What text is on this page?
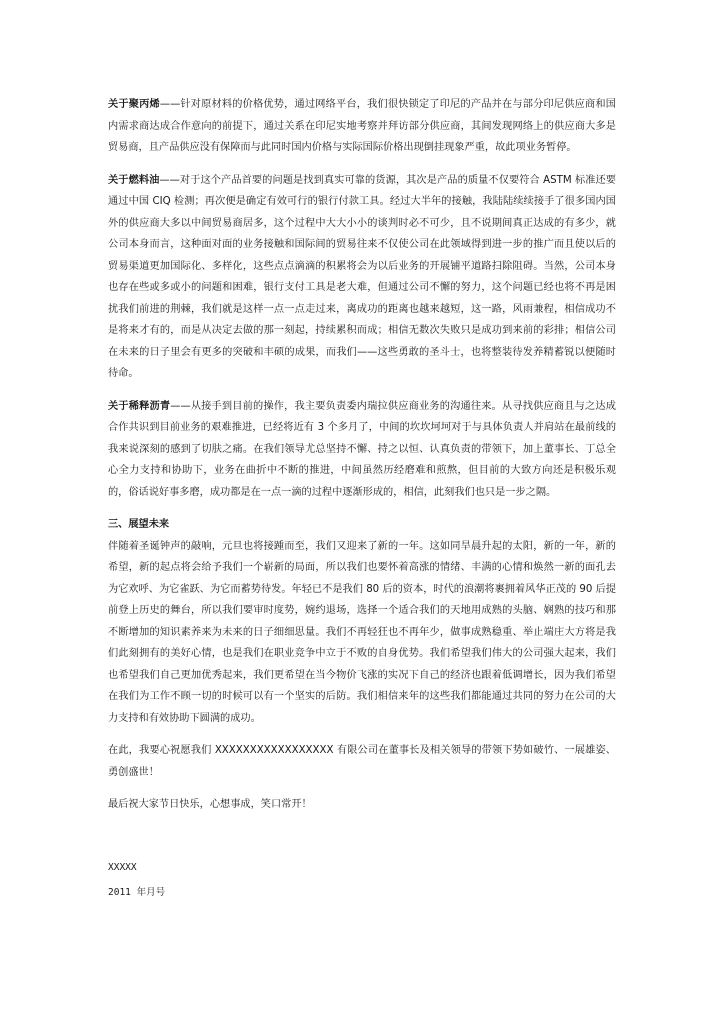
关于聚丙烯——针对原材料的价格优势，通过网络平台，我们很快锁定了印尼的产品并在与部分印尼供应商和国内需求商达成合作意向的前提下，通过关系在印尼实地考察并拜访部分供应商，其间发现网络上的供应商大多是贸易商，且产品供应没有保障而与此同时国内价格与实际国际价格出现倒挂现象严重，故此项业务暂停。

关于燃料油——对于这个产品首要的问题是找到真实可靠的货源，其次是产品的质量不仅要符合 ASTM 标准还要通过中国 CIQ 检测；再次便是确定有效可行的银行付款工具。经过大半年的接触，我陆陆续续接手了很多国内国外的供应商大多以中间贸易商居多，这个过程中大大小小的谈判时必不可少，且不说期间真正达成的有多少，就公司本身而言，这种面对面的业务接触和国际间的贸易往来不仅使公司在此领域得到进一步的推广而且使以后的贸易渠道更加国际化、多样化，这些点点滴滴的积累将会为以后业务的开展铺平道路扫除阻碍。当然，公司本身也存在些或多或小的问题和困难，银行支付工具是老大难，但通过公司不懈的努力，这个问题已经也将不再是困扰我们前进的荆棘，我们就是这样一点一点走过来，离成功的距离也越来越短，这一路，风雨兼程，相信成功不是将来才有的，而是从决定去做的那一刻起，持续累积而成；相信无数次失败只是成功到来前的彩排；相信公司在未来的日子里会有更多的突破和丰硕的成果，而我们——这些勇敢的圣斗士，也将整装待发养精蓄锐以便随时待命。

关于稀释沥青——从接手到目前的操作，我主要负责委内瑞拉供应商业务的沟通往来。从寻找供应商且与之达成合作共识到目前业务的艰难推进，已经将近有 3 个多月了，中间的坎坎坷坷对于与具体负责人并肩站在最前线的我来说深刻的感到了切肤之痛。在我们领导尤总坚持不懈、持之以恒、认真负责的带领下，加上董事长、丁总全心全力支持和协助下，业务在曲折中不断的推进，中间虽然历经磨难和煎熬，但目前的大致方向还是积极乐观的，俗话说好事多磨，成功都是在一点一滴的过程中逐渐形成的，相信，此刻我们也只是一步之隔。

三、展望未来

伴随着圣诞钟声的敲响，元旦也将接踵而至，我们又迎来了新的一年。这如同旱晨升起的太阳，新的一年，新的希望，新的起点将会给予我们一个崭新的局面，所以我们也要怀着高涨的情绪、丰满的心情和焕然一新的面孔去为它欢呼、为它雀跃、为它而蓄势待发。年轻已不是我们 80 后的资本，时代的浪潮将裹拥着风华正茂的 90 后提前登上历史的舞台，所以我们要审时度势，婉约退场，选择一个适合我们的天地用成熟的头脑、娴熟的技巧和那不断增加的知识素养来为未来的日子细细思量。我们不再轻狂也不再年少，做事成熟稳重、举止端庄大方将是我们此刻拥有的美好心情，也是我们在职业竞争中立于不败的自身优势。我们希望我们伟大的公司强大起来，我们也希望我们自己更加优秀起来，我们更希望在当今物价飞涨的实况下自己的经济也跟着低调增长，因为我们希望在我们为工作不顾一切的时候可以有一个坚实的后防。我们相信来年的这些我们都能通过共同的努力在公司的大力支持和有效协助下圆满的成功。

在此，我要心祝愿我们 XXXXXXXXXXXXXXXXX 有限公司在董事长及相关领导的带领下势如破竹、一展雄姿、勇创盛世！

最后祝大家节日快乐，心想事成，笑口常开！

XXXXX

2011 年月号
